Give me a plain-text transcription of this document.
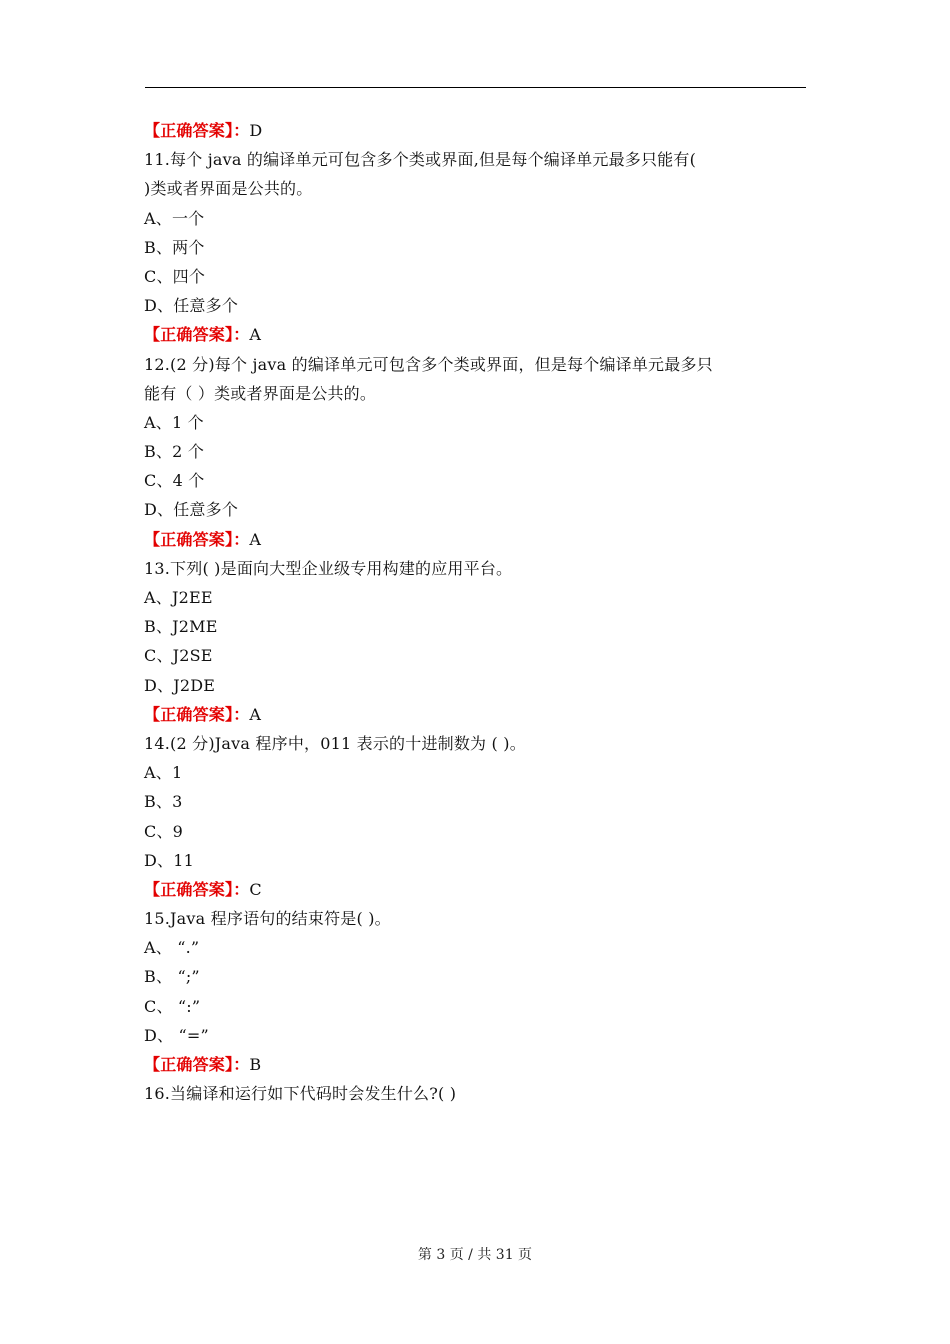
【正确答案】：D
11.每个 java 的编译单元可包含多个类或界面,但是每个编译单元最多只能有(
)类或者界面是公共的。
A、一个
B、两个
C、四个
D、任意多个
【正确答案】：A
12.(2 分)每个 java 的编译单元可包含多个类或界面，但是每个编译单元最多只
能有（ ）类或者界面是公共的。
A、1 个
B、2 个
C、4 个
D、任意多个
【正确答案】：A
13.下列( )是面向大型企业级专用构建的应用平台。
A、J2EE
B、J2ME
C、J2SE
D、J2DE
【正确答案】：A
14.(2 分)Java 程序中，011 表示的十进制数为 ( )。
A、1
B、3
C、9
D、11
【正确答案】：C
15.Java 程序语句的结束符是( )。
A、 “.”
B、 “;”
C、 “:”
D、 “=”
【正确答案】：B
16.当编译和运行如下代码时会发生什么?( )
第 3 页 / 共 31 页
